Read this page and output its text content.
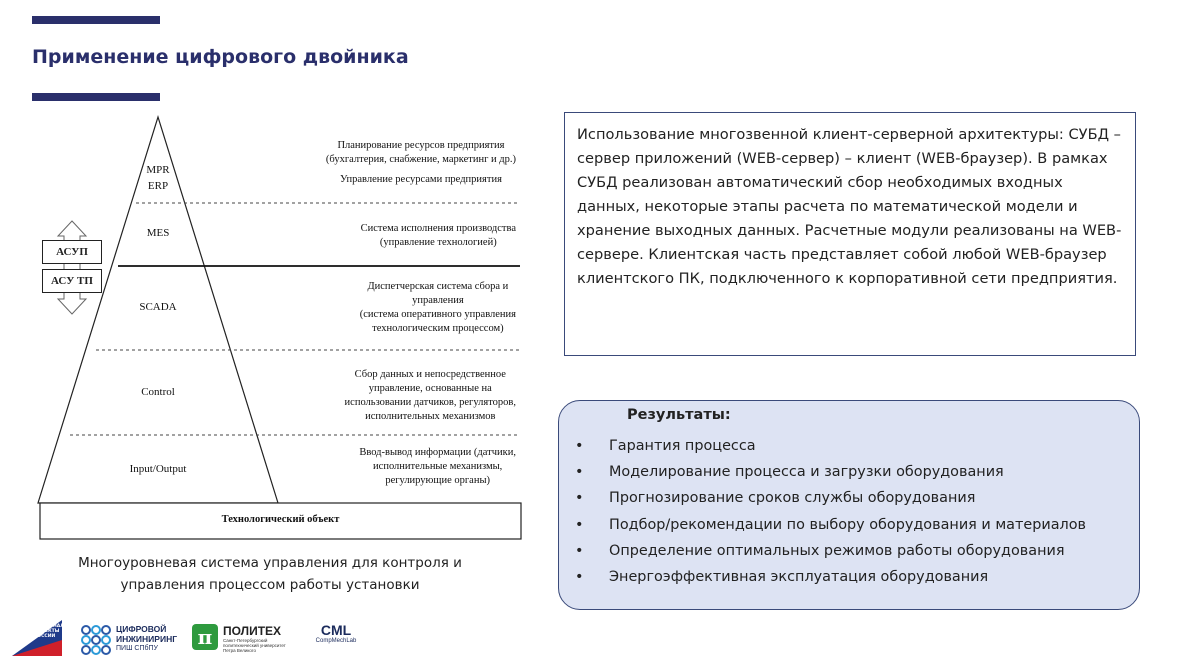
Применение цифрового двойника
MPR
ERP
MES
SCADA
Control
Input/Output
АСУП
АСУ ТП
Технологический объект
Планирование ресурсов предприятия
(бухгалтерия, снабжение, маркетинг и др.)
Управление ресурсами предприятия
Система исполнения производства
(управление технологией)
Диспетчерская система сбора и
управления
(система оперативного управления
технологическим процессом)
Сбор данных и непосредственное
управление, основанные на
использовании датчиков, регуляторов,
исполнительных механизмов
Ввод-вывод информации (датчики,
исполнительные механизмы,
регулирующие органы)
Многоуровневая система управления для контроля и
управления процессом работы установки
Использование многозвенной клиент-серверной архитектуры: СУБД – сервер приложений (WEB-сервер) – клиент (WEB-браузер). В рамках СУБД реализован автоматический сбор необходимых входных данных, некоторые этапы расчета по математической модели и хранение выходных данных. Расчетные модули реализованы на WEB-сервере. Клиентская часть представляет собой любой WEB-браузер клиентского ПК, подключенного к корпоративной сети предприятия.
Результаты:
• Гарантия процесса
• Моделирование процесса и загрузки оборудования
• Прогнозирование сроков службы оборудования
• Подбор/рекомендации по выбору оборудования и материалов
• Определение оптимальных режимов работы оборудования
• Энергоэффективная эксплуатация оборудования
НАЦИОНАЛЬНЫЕ
ПРОЕКТЫ
РОССИИ
ЦИФРОВОЙ
ИНЖИНИРИНГ
ПИШ СПбПУ	π ПОЛИТЕХ
Санкт-Петербургский
политехнический университет
Петра Великого
CML
CompMechLab
